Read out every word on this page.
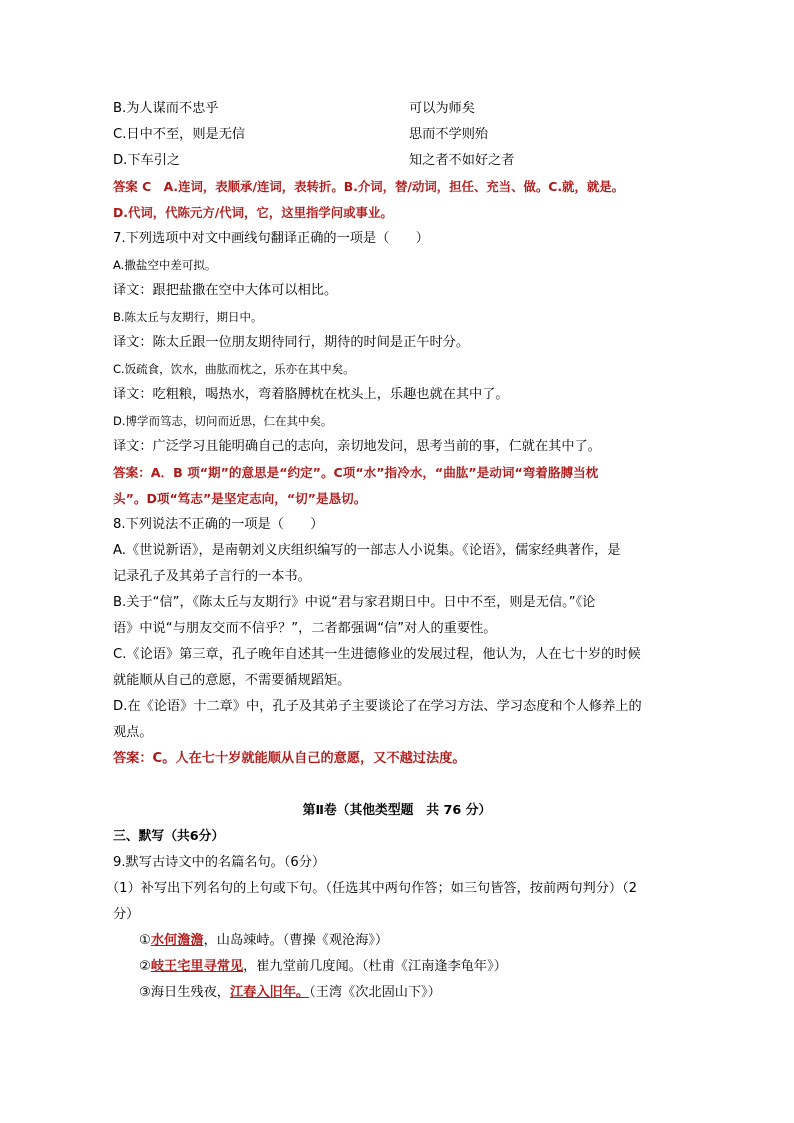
B.为人谋而不忠乎	可以为师矣
C.日中不至，则是无信	思而不学则殆
D.下车引之	知之者不如好之者
答案 C　A.连词，表顺承/连词，表转折。B.介词，替/动词，担任、充当、做。C.就，就是。
D.代词，代陈元方/代词，它，这里指学问或事业。
7.下列选项中对文中画线句翻译正确的一项是（　　）
A.撒盐空中差可拟。
译文：跟把盐撒在空中大体可以相比。
B.陈太丘与友期行，期日中。
译文：陈太丘跟一位朋友期待同行，期待的时间是正午时分。
C.饭疏食，饮水，曲肱而枕之，乐亦在其中矣。
译文：吃粗粮，喝热水，弯着胳膊枕在枕头上，乐趣也就在其中了。
D.博学而笃志，切问而近思，仁在其中矣。
译文：广泛学习且能明确自己的志向，亲切地发问，思考当前的事，仁就在其中了。
答案：A．B 项“期”的意思是“约定”。C项“水”指冷水，“曲肱”是动词“弯着胳膊当枕
头”。D项“笃志”是坚定志向，“切”是恳切。
8.下列说法不正确的一项是（　　）
A.《世说新语》，是南朝刘义庆组织编写的一部志人小说集。《论语》，儒家经典著作，是
记录孔子及其弟子言行的一本书。
B.关于“信”，《陈太丘与友期行》中说“君与家君期日中。日中不至，则是无信。”《论
语》中说“与朋友交而不信乎？”，二者都强调“信”对人的重要性。
C.《论语》第三章，孔子晚年自述其一生进德修业的发展过程，他认为，人在七十岁的时候
就能顺从自己的意愿，不需要循规蹈矩。
D.在《论语》十二章》中，孔子及其弟子主要谈论了在学习方法、学习态度和个人修养上的
观点。
答案：C。人在七十岁就能顺从自己的意愿，又不越过法度。
第Ⅱ卷（其他类型题　共 76 分）
三、默写（共6分）
9.默写古诗文中的名篇名句。（6分）
（1）补写出下列名句的上句或下句。（任选其中两句作答；如三句皆答，按前两句判分）（2
分）
①水何澹澹，山岛竦峙。（曹操《观沧海》）
②岐王宅里寻常见，崔九堂前几度闻。（杜甫《江南逢李龟年》）
③海日生残夜，江春入旧年。（王湾《次北固山下》）
